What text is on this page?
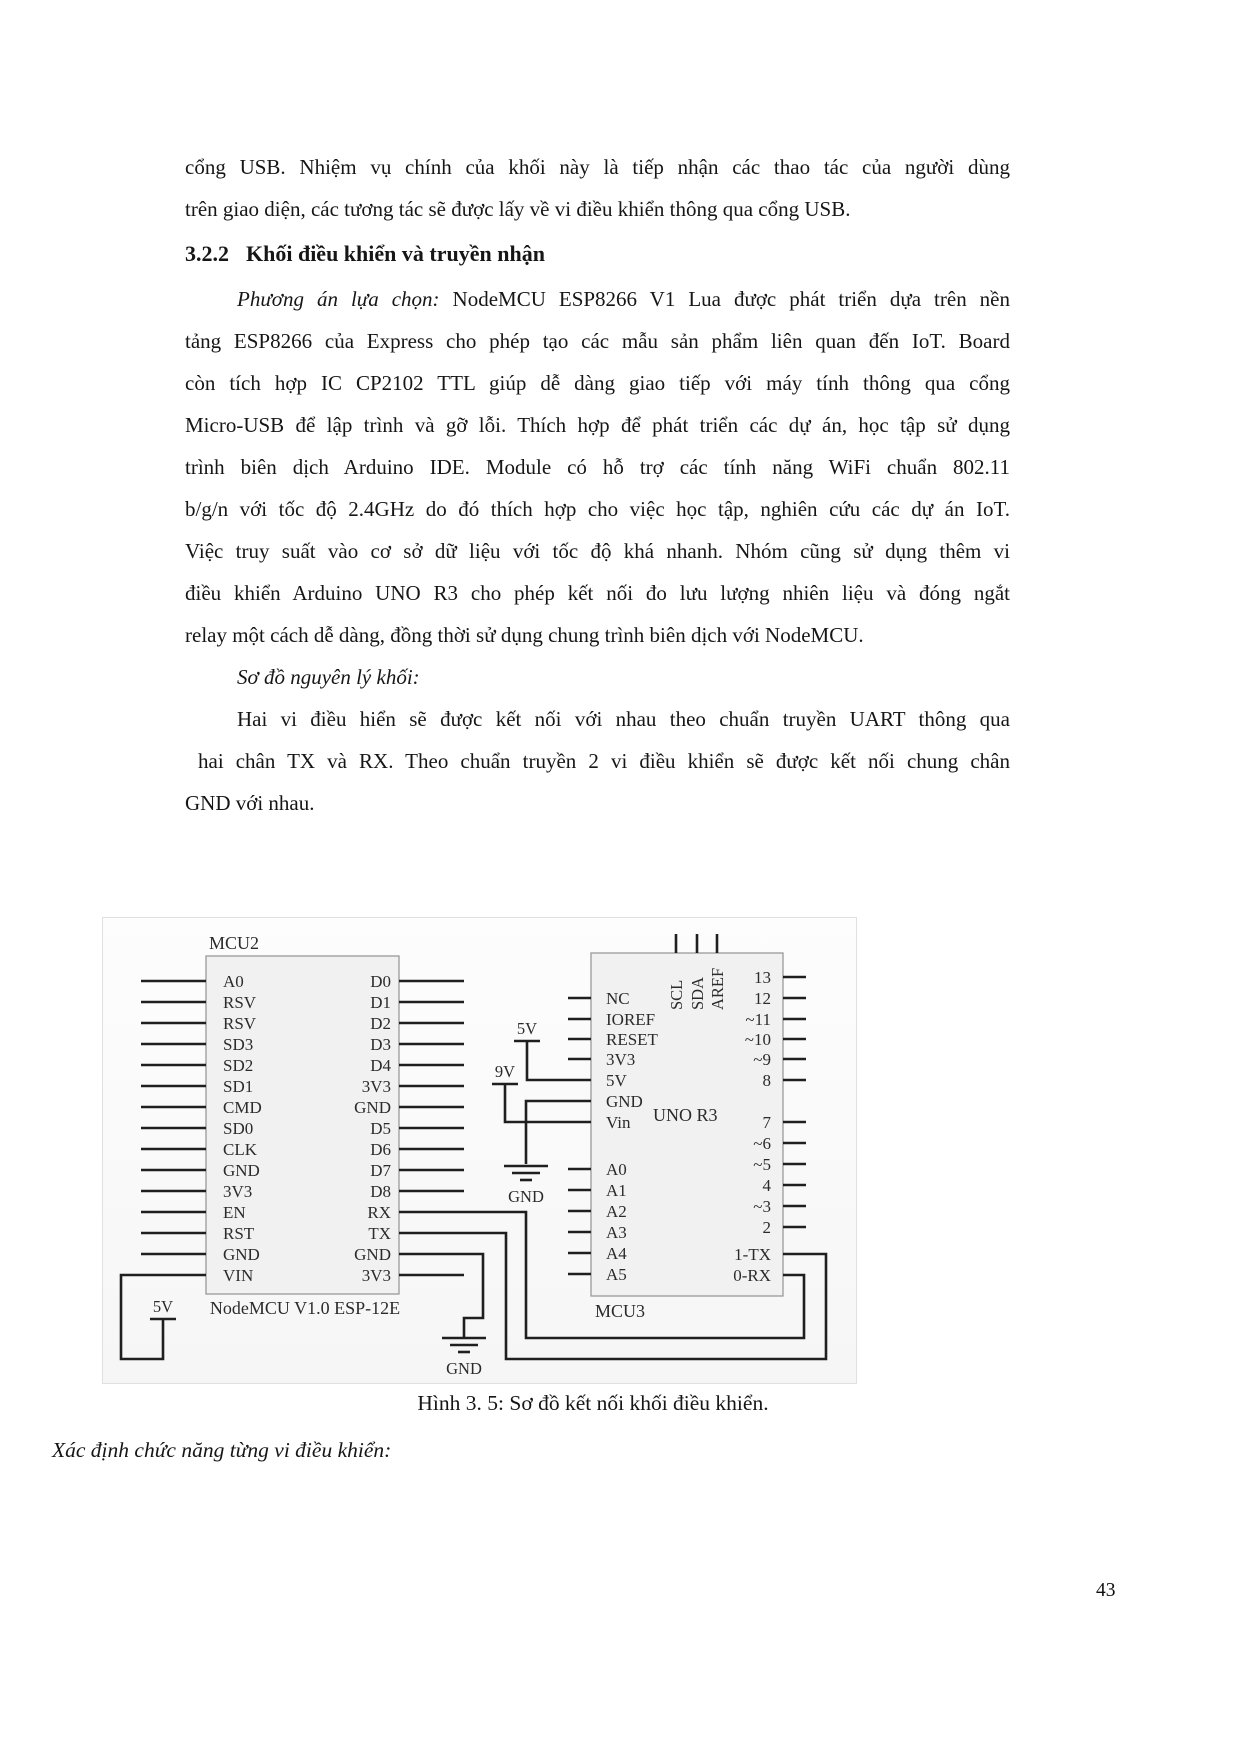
cổng USB. Nhiệm vụ chính của khối này là tiếp nhận các thao tác của người dùng
trên giao diện, các tương tác sẽ được lấy về vi điều khiển thông qua cổng USB.
3.2.2 Khối điều khiển và truyền nhận
Phương án lựa chọn: NodeMCU ESP8266 V1 Lua được phát triển dựa trên nền
tảng ESP8266 của Express cho phép tạo các mẫu sản phẩm liên quan đến IoT. Board
còn tích hợp IC CP2102 TTL giúp dễ dàng giao tiếp với máy tính thông qua cổng
Micro-USB để lập trình và gỡ lỗi. Thích hợp để phát triển các dự án, học tập sử dụng
trình biên dịch Arduino IDE. Module có hỗ trợ các tính năng WiFi chuẩn 802.11
b/g/n với tốc độ 2.4GHz do đó thích hợp cho việc học tập, nghiên cứu các dự án IoT.
Việc truy suất vào cơ sở dữ liệu với tốc độ khá nhanh. Nhóm cũng sử dụng thêm vi
điều khiển Arduino UNO R3 cho phép kết nối đo lưu lượng nhiên liệu và đóng ngắt
relay một cách dễ dàng, đồng thời sử dụng chung trình biên dịch với NodeMCU.
Sơ đồ nguyên lý khối:
Hai vi điều hiển sẽ được kết nối với nhau theo chuẩn truyền UART thông qua
hai chân TX và RX. Theo chuẩn truyền 2 vi điều khiển sẽ được kết nối chung chân
GND với nhau.
A0
RSV
RSV
SD3
SD2
SD1
CMD
SD0
CLK
GND
3V3
EN
RST
GND
VIN
D0
D1
D2
D3
D4
3V3
GND
D5
D6
D7
D8
RX
TX
GND
3V3
NC
IOREF
RESET
3V3
5V
GND
Vin
A0
A1
A2
A3
A4
A5
13
12
~11
~10
~9
8
7
~6
~5
4
~3
2
1-TX
0-RX
SCL SDA AREF
GND
GND
5V
9V
5V
MCU2
NodeMCU V1.0 ESP-12E	MCU3
UNO R3
Hình 3. 5: Sơ đồ kết nối khối điều khiển.
Xác định chức năng từng vi điều khiển:
43
